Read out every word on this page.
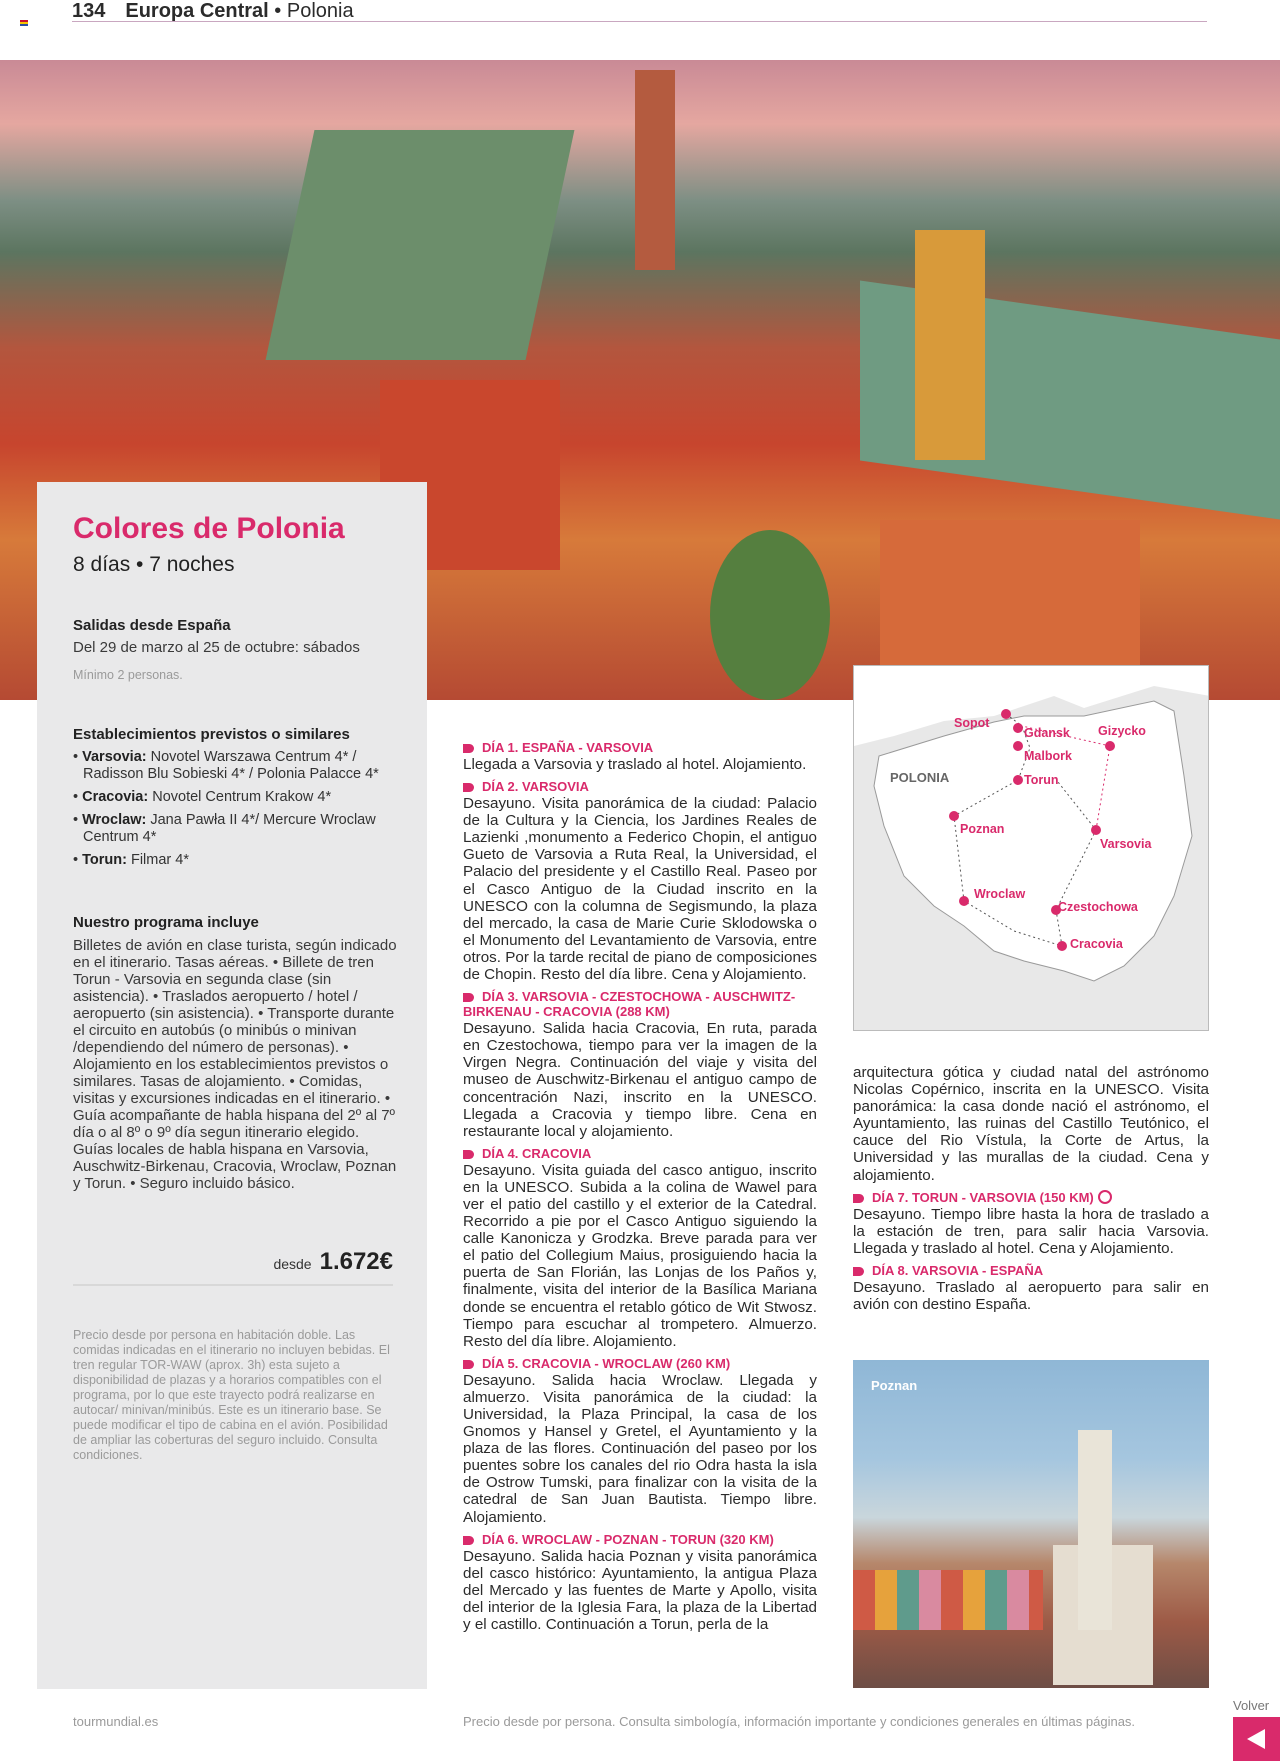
134 Europa Central • Polonia
Colores de Polonia
8 días • 7 noches
Salidas desde España
Del 29 de marzo al 25 de octubre: sábados
Mínimo 2 personas.
Establecimientos previstos o similares
• Varsovia: Novotel Warszawa Centrum 4* / Radisson Blu Sobieski 4* / Polonia Palacce 4*
• Cracovia: Novotel Centrum Krakow 4*
• Wroclaw: Jana Pawła II 4*/ Mercure Wroclaw Centrum 4*
• Torun: Filmar 4*
Nuestro programa incluye
Billetes de avión en clase turista, según indicado en el itinerario. Tasas aéreas. • Billete de tren Torun - Varsovia en segunda clase (sin asistencia). • Traslados aeropuerto / hotel / aeropuerto (sin asistencia). • Transporte durante el circuito en autobús (o minibús o minivan /dependiendo del número de personas). • Alojamiento en los establecimientos previstos o similares. Tasas de alojamiento. • Comidas, visitas y excursiones indicadas en el itinerario. • Guía acompañante de habla hispana del 2º al 7º día o al 8º o 9º día segun itinerario elegido. Guías locales de habla hispana en Varsovia, Auschwitz-Birkenau, Cracovia, Wroclaw, Poznan y Torun. • Seguro incluido básico.
desde 1.672€
Precio desde por persona en habitación doble. Las comidas indicadas en el itinerario no incluyen bebidas. El tren regular TOR-WAW (aprox. 3h) esta sujeto a disponibilidad de plazas y a horarios compatibles con el programa, por lo que este trayecto podrá realizarse en autocar/ minivan/minibús. Este es un itinerario base. Se puede modificar el tipo de cabina en el avión. Posibilidad de ampliar las coberturas del seguro incluido. Consulta condiciones.
DÍA 1. ESPAÑA - VARSOVIA
Llegada a Varsovia y traslado al hotel. Alojamiento.
DÍA 2. VARSOVIA
Desayuno. Visita panorámica de la ciudad: Palacio de la Cultura y la Ciencia, los Jardines Reales de Lazienki ,monumento a Federico Chopin, el antiguo Gueto de Varsovia a Ruta Real, la Universidad, el Palacio del presidente y el Castillo Real. Paseo por el Casco Antiguo de la Ciudad inscrito en la UNESCO con la columna de Segismundo, la plaza del mercado, la casa de Marie Curie Sklodowska o el Monumento del Levantamiento de Varsovia, entre otros. Por la tarde recital de piano de composiciones de Chopin. Resto del día libre. Cena y Alojamiento.
DÍA 3. VARSOVIA - CZESTOCHOWA - AUSCHWITZ-BIRKENAU - CRACOVIA (288 KM)
Desayuno. Salida hacia Cracovia, En ruta, parada en Czestochowa, tiempo para ver la imagen de la Virgen Negra. Continuación del viaje y visita del museo de Auschwitz-Birkenau el antiguo campo de concentración Nazi, inscrito en la UNESCO. Llegada a Cracovia y tiempo libre. Cena en restaurante local y alojamiento.
DÍA 4. CRACOVIA
Desayuno. Visita guiada del casco antiguo, inscrito en la UNESCO. Subida a la colina de Wawel para ver el patio del castillo y el exterior de la Catedral. Recorrido a pie por el Casco Antiguo siguiendo la calle Kanonicza y Grodzka. Breve parada para ver el patio del Collegium Maius, prosiguiendo hacia la puerta de San Florián, las Lonjas de los Paños y, finalmente, visita del interior de la Basílica Mariana donde se encuentra el retablo gótico de Wit Stwosz. Tiempo para escuchar al trompetero. Almuerzo. Resto del día libre. Alojamiento.
DÍA 5. CRACOVIA - WROCLAW (260 KM)
Desayuno. Salida hacia Wroclaw. Llegada y almuerzo. Visita panorámica de la ciudad: la Universidad, la Plaza Principal, la casa de los Gnomos y Hansel y Gretel, el Ayuntamiento y la plaza de las flores. Continuación del paseo por los puentes sobre los canales del rio Odra hasta la isla de Ostrow Tumski, para finalizar con la visita de la catedral de San Juan Bautista. Tiempo libre. Alojamiento.
DÍA 6. WROCLAW - POZNAN - TORUN (320 KM)
Desayuno. Salida hacia Poznan y visita panorámica del casco histórico: Ayuntamiento, la antigua Plaza del Mercado y las fuentes de Marte y Apollo, visita del interior de la Iglesia Fara, la plaza de la Libertad y el castillo. Continuación a Torun, perla de la
POLONIA
Sopot
Gdansk Gizycko
Malbork
Torun
Poznan
Varsovia
Wroclaw
Czestochowa
Cracovia
arquitectura gótica y ciudad natal del astrónomo Nicolas Copérnico, inscrita en la UNESCO. Visita panorámica: la casa donde nació el astrónomo, el Ayuntamiento, las ruinas del Castillo Teutónico, el cauce del Rio Vístula, la Corte de Artus, la Universidad y las murallas de la ciudad. Cena y alojamiento.
DÍA 7. TORUN - VARSOVIA (150 KM)
Desayuno. Tiempo libre hasta la hora de traslado a la estación de tren, para salir hacia Varsovia. Llegada y traslado al hotel. Cena y Alojamiento.
DÍA 8. VARSOVIA - ESPAÑA
Desayuno. Traslado al aeropuerto para salir en avión con destino España.
Poznan
tourmundial.es	Precio desde por persona. Consulta simbología, información importante y condiciones generales en últimas páginas.
Volver
